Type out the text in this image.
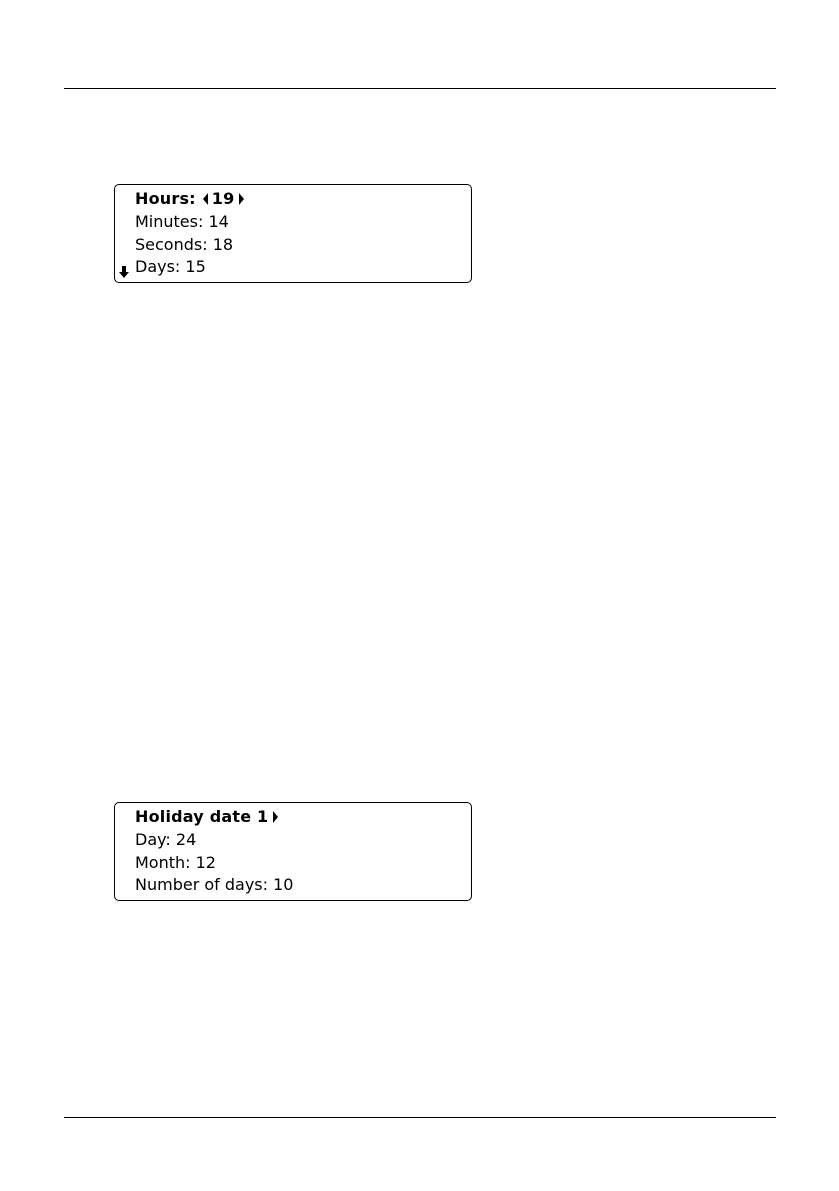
Hours: 19
Minutes: 14
Seconds: 18
Days: 15
Holiday date 1
Day: 24
Month: 12
Number of days: 10
